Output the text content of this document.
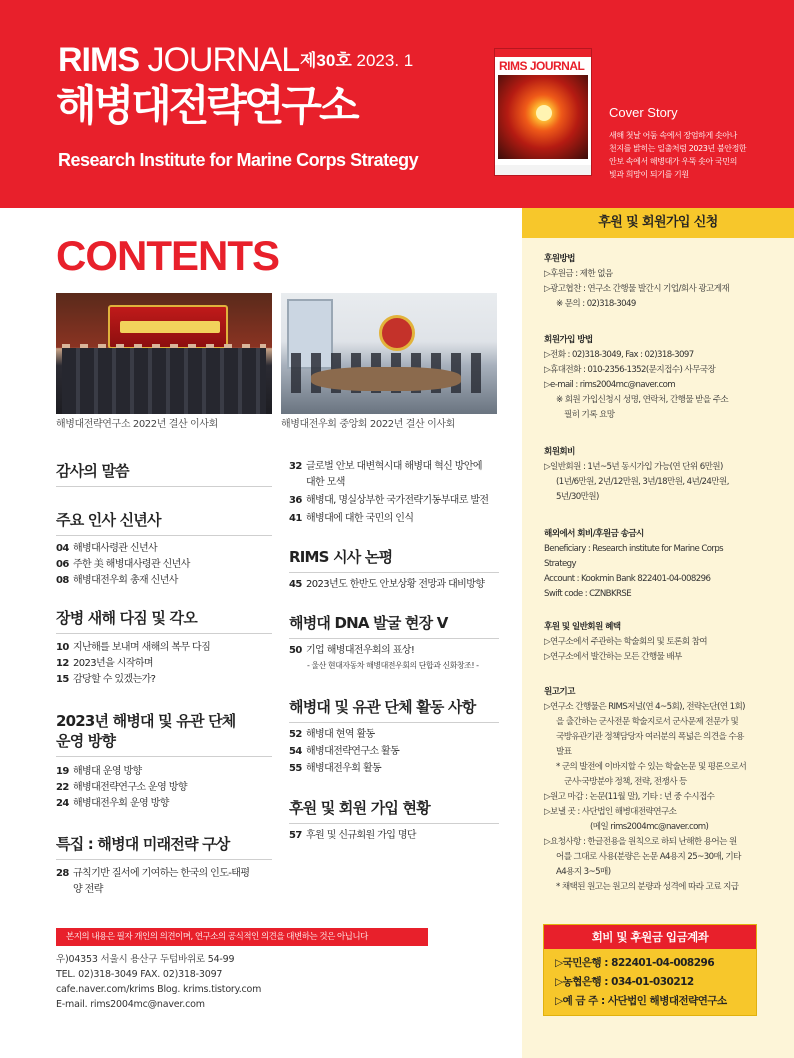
RIMS JOURNAL 제30호 2023. 1
해병대전략연구소
Research Institute for Marine Corps Strategy
RIMS JOURNAL
Cover Story
새해 첫날 어둠 속에서 장엄하게 솟아나
천지를 밝히는 일출처럼 2023년 불안정한
안보 속에서 해병대가 우뚝 솟아 국민의
빛과 희망이 되기를 기원
CONTENTS
해병대전략연구소 2022년 결산 이사회	해병대전우회 중앙회 2022년 결산 이사회
감사의 말씀
주요 인사 신년사
04 해병대사령관 신년사
06 주한 美 해병대사령관 신년사
08 해병대전우회 총재 신년사
장병 새해 다짐 및 각오
10 지난해를 보내며 새해의 복무 다짐
12 2023년을 시작하며
15 감당할 수 있겠는가?
2023년 해병대 및 유관 단체
운영 방향
19 해병대 운영 방향
22 해병대전략연구소 운영 방향
24 해병대전우회 운영 방향
특집 : 해병대 미래전략 구상
28 규칙기반 질서에 기여하는 한국의 인도-태평
양 전략
32 글로벌 안보 대변혁시대 해병대 혁신 방안에
대한 모색
36 해병대, 명실상부한 국가전략기동부대로 발전
41 해병대에 대한 국민의 인식
RIMS 시사 논평
45 2023년도 한반도 안보상황 전망과 대비방향
해병대 DNA 발굴 현장 V
50 기업 해병대전우회의 표상!
- 울산 현대자동차 해병대전우회의 단합과 신화창조! -
해병대 및 유관 단체 활동 사항
52 해병대 현역 활동
54 해병대전략연구소 활동
55 해병대전우회 활동
후원 및 회원 가입 현황
57 후원 및 신규회원 가입 명단
본지의 내용은 필자 개인의 의견이며, 연구소의 공식적인 의견을 대변하는 것은 아닙니다
우)04353 서울시 용산구 두텁바위로 54-99
TEL. 02)318-3049 FAX. 02)318-3097
cafe.naver.com/krims Blog. krims.tistory.com
E-mail. rims2004mc@naver.com
후원 및 회원가입 신청
후원방법
▷후원금 : 제한 없음
▷광고협찬 : 연구소 간행물 발간시 기업/회사 광고게재
※ 문의 : 02)318-3049
회원가입 방법
▷전화 : 02)318-3049, Fax : 02)318-3097
▷휴대전화 : 010-2356-1352(문지접수) 사무국장
▷e-mail : rims2004mc@naver.com
※ 회원 가입신청시 성명, 연락처, 간행물 받을 주소
필히 기록 요망
회원회비
▷일반회원 : 1년~5년 동시가입 가능(연 단위 6만원)
(1년/6만원, 2년/12만원, 3년/18만원, 4년/24만원,
5년/30만원)
해외에서 회비/후원금 송금시
Beneficiary : Research institute for Marine Corps
Strategy
Account : Kookmin Bank 822401-04-008296
Swift code : CZNBKRSE
후원 및 일반회원 혜택
▷연구소에서 주관하는 학술회의 및 토론회 참여
▷연구소에서 발간하는 모든 간행물 배부
원고기고
▷연구소 간행물은 RIMS저널(연 4~5회), 전략논단(연 1회)
을 출간하는 군사전문 학술지로서 군사문제 전문가 및
국방유관기관 정책담당자 여러분의 폭넓은 의견을 수용
발표
* 군의 발전에 이바지할 수 있는 학술논문 및 평론으로서
군사·국방분야 정책, 전략, 전쟁사 등
▷원고 마감 : 논문(11월 말), 기타 : 년 중 수시접수
▷보낼 곳 : 사단법인 해병대전략연구소
(메일 rims2004mc@naver.com)
▷요청사항 : 한글전용을 원칙으로 하되 난해한 용어는 원
어를 그대로 사용(분량은 논문 A4용지 25~30매, 기타
A4용지 3~5매)
* 채택된 원고는 원고의 분량과 성격에 따라 고료 지급
회비 및 후원금 입금계좌
▷국민은행 : 822401-04-008296
▷농협은행 : 034-01-030212
▷예 금 주 : 사단법인 해병대전략연구소
